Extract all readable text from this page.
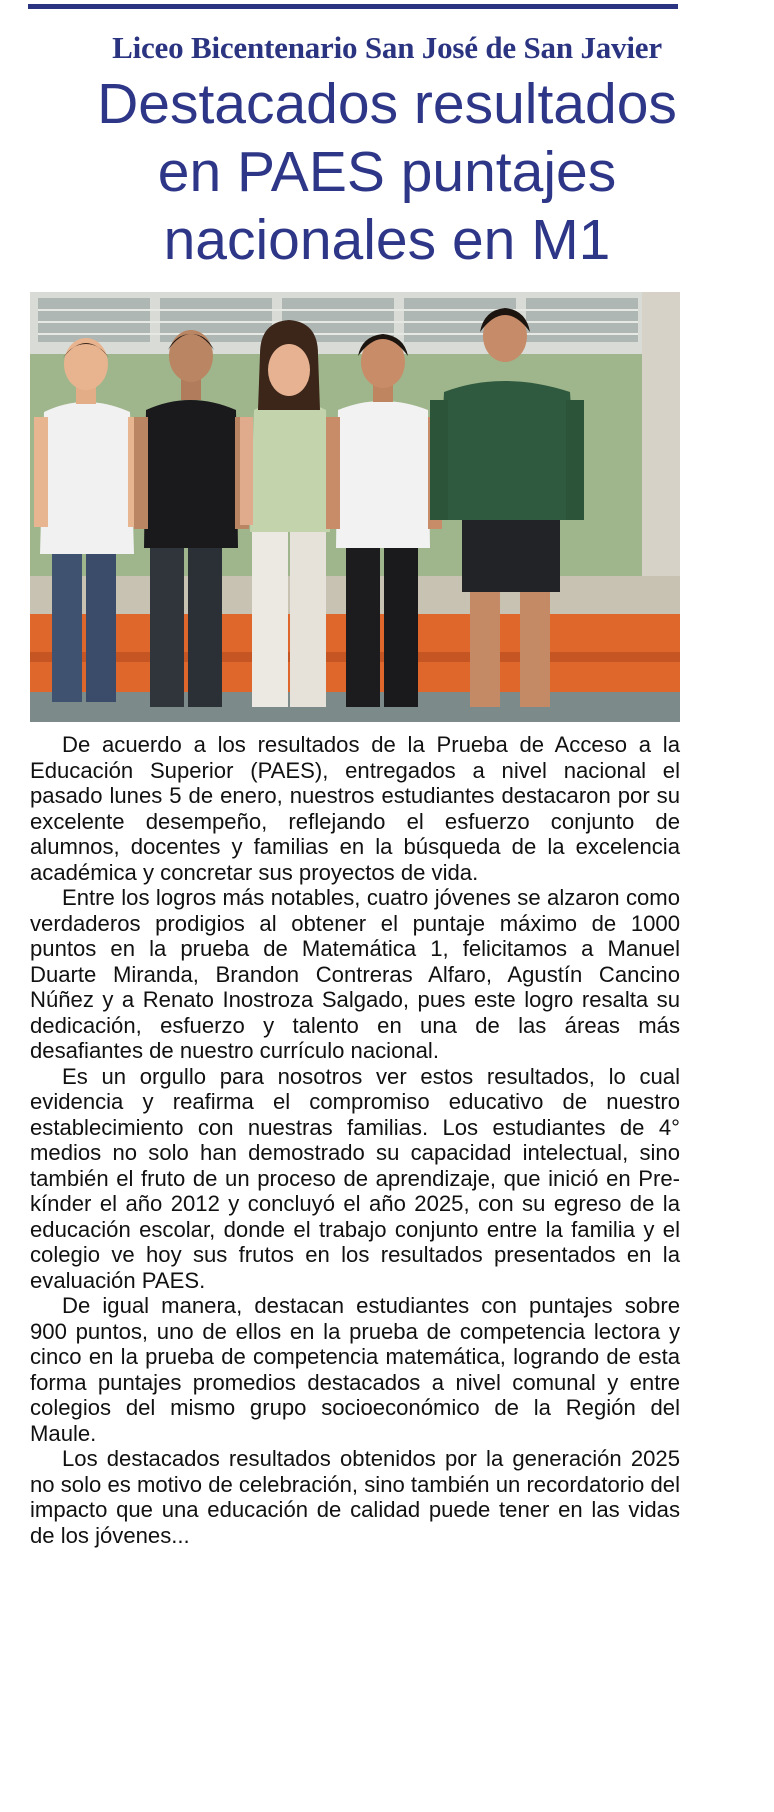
Liceo Bicentenario San José de San Javier
Destacados resultados
en PAES puntajes
nacionales en M1

De acuerdo a los resultados de la Prueba de Acceso a la Educación Superior (PAES), entregados a nivel nacional el pasado lunes 5 de enero, nuestros estudiantes destacaron por su excelente desempeño, reflejando el esfuerzo conjunto de alumnos, docentes y familias en la búsqueda de la excelencia académica y concretar sus proyectos de vida.

Entre los logros más notables, cuatro jóvenes se alzaron como verdaderos prodigios al obtener el puntaje máximo de 1000 puntos en la prueba de Matemática 1, felicitamos a Manuel Duarte Miranda, Brandon Contreras Alfaro, Agustín Cancino Núñez y a Renato Inostroza Salgado, pues este logro resalta su dedicación, esfuerzo y talento en una de las áreas más desafiantes de nuestro currículo nacional.

Es un orgullo para nosotros ver estos resultados, lo cual evidencia y reafirma el compromiso educativo de nuestro establecimiento con nuestras familias. Los estudiantes de 4° medios no solo han demostrado su capacidad intelectual, sino también el fruto de un proceso de aprendizaje, que inició en Pre-kínder el año 2012 y concluyó el año 2025, con su egreso de la educación escolar, donde el trabajo conjunto entre la familia y el colegio ve hoy sus frutos en los resultados presentados en la evaluación PAES.

De igual manera, destacan estudiantes con puntajes sobre 900 puntos, uno de ellos en la prueba de competencia lectora y cinco en la prueba de competencia matemática, logrando de esta forma puntajes promedios destacados a nivel comunal y entre colegios del mismo grupo socioeconómico de la Región del Maule.

Los destacados resultados obtenidos por la generación 2025 no solo es motivo de celebración, sino también un recordatorio del impacto que una educación de calidad puede tener en las vidas de los jóvenes...
